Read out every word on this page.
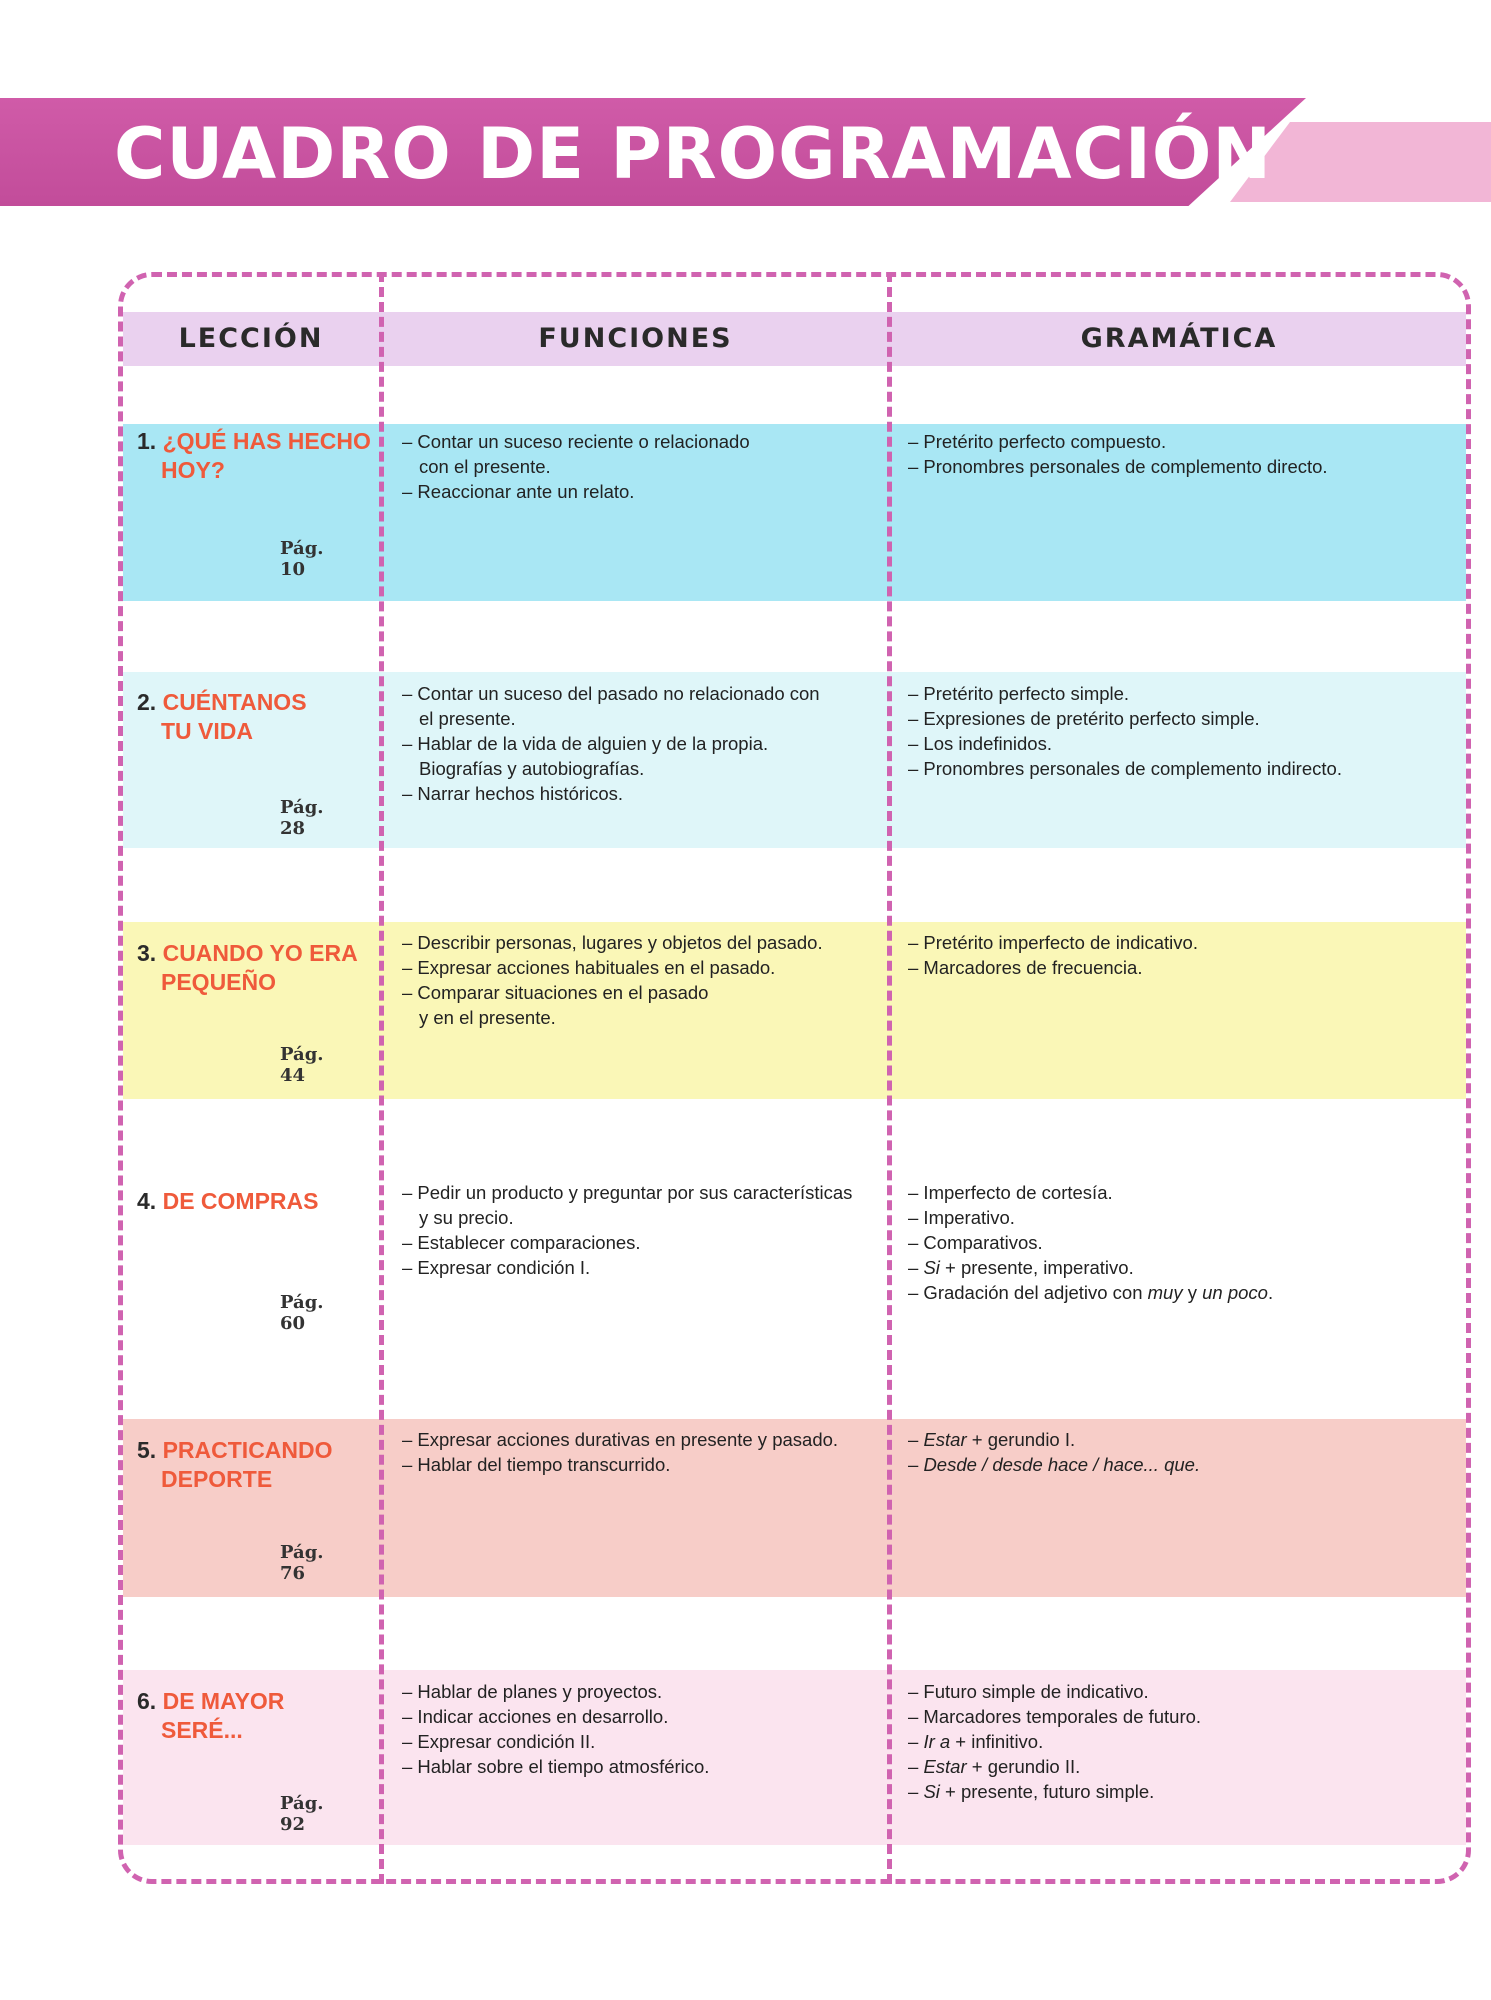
CUADRO DE PROGRAMACIÓN

LECCIÓN	FUNCIONES	GRAMÁTICA

1. ¿QUÉ HAS HECHO
HOY?

Pág. 10

– Contar un suceso reciente o relacionado
con el presente.
– Reaccionar ante un relato.
– Pretérito perfecto compuesto.
– Pronombres personales de complemento directo.

2. CUÉNTANOS
TU VIDA

Pág. 28

– Contar un suceso del pasado no relacionado con
el presente.
– Hablar de la vida de alguien y de la propia.
Biografías y autobiografías.
– Narrar hechos históricos.
– Pretérito perfecto simple.
– Expresiones de pretérito perfecto simple.
– Los indefinidos.
– Pronombres personales de complemento indirecto.

3. CUANDO YO ERA
PEQUEÑO

Pág. 44

– Describir personas, lugares y objetos del pasado.
– Expresar acciones habituales en el pasado.
– Comparar situaciones en el pasado
y en el presente.
– Pretérito imperfecto de indicativo.
– Marcadores de frecuencia.

4. DE COMPRAS

Pág. 60

– Pedir un producto y preguntar por sus características
y su precio.
– Establecer comparaciones.
– Expresar condición I.
– Imperfecto de cortesía.
– Imperativo.
– Comparativos.
– Si + presente, imperativo.
– Gradación del adjetivo con muy y un poco.

5. PRACTICANDO
DEPORTE

Pág. 76

– Expresar acciones durativas en presente y pasado.
– Hablar del tiempo transcurrido.
– Estar + gerundio I.
– Desde / desde hace / hace... que.

6. DE MAYOR
SERÉ...

Pág. 92

– Hablar de planes y proyectos.
– Indicar acciones en desarrollo.
– Expresar condición II.
– Hablar sobre el tiempo atmosférico.
– Futuro simple de indicativo.
– Marcadores temporales de futuro.
– Ir a + infinitivo.
– Estar + gerundio II.
– Si + presente, futuro simple.
